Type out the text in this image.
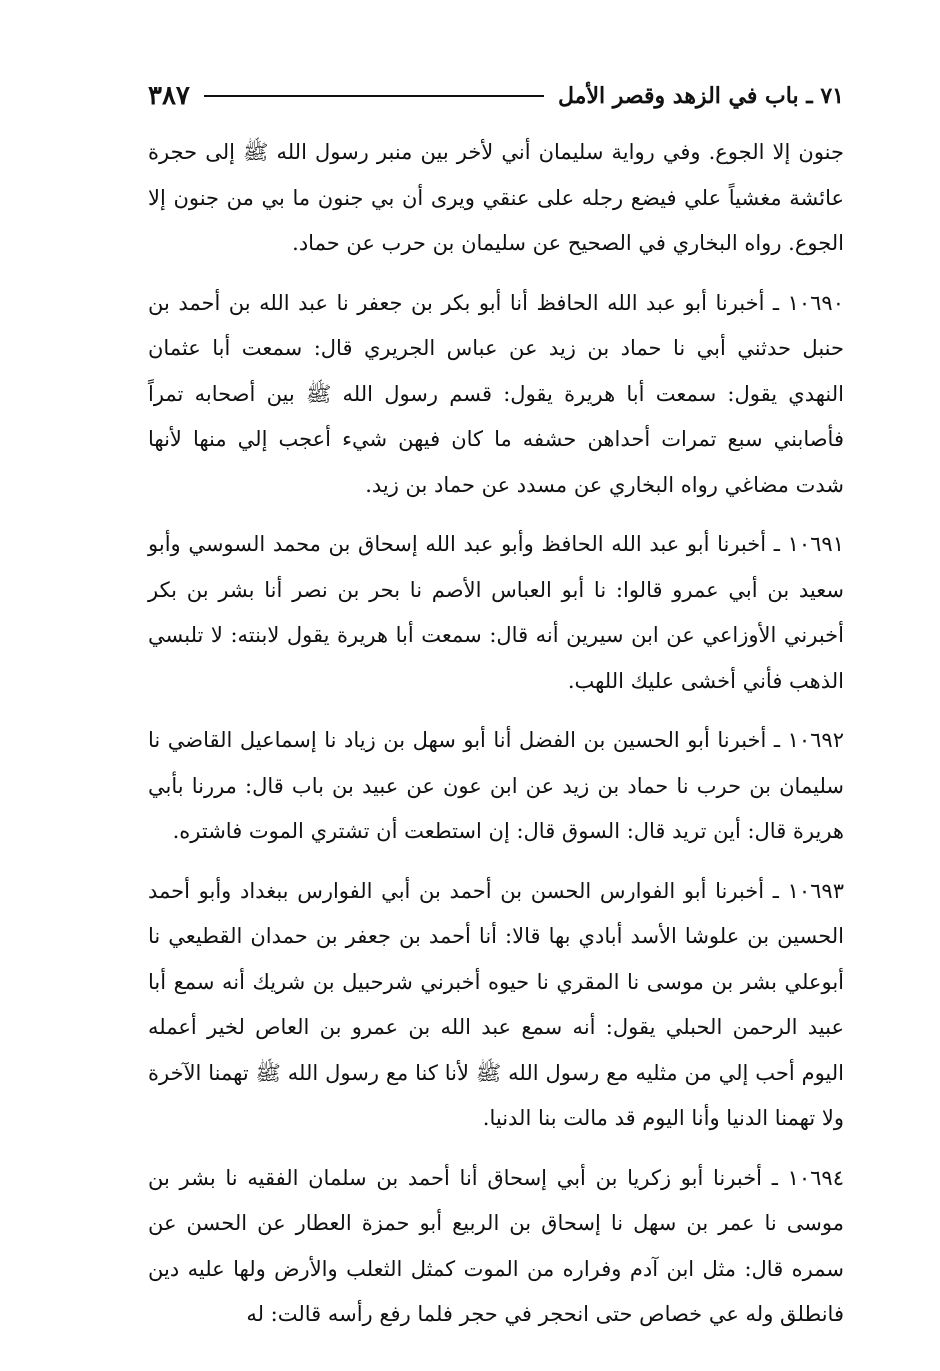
٧١ ـ باب في الزهد وقصر الأمل
٣٨٧

جنون إلا الجوع. وفي رواية سليمان أني لأخر بين منبر رسول الله ﷺ إلى حجرة عائشة مغشياً علي فيضع رجله على عنقي ويرى أن بي جنون ما بي من جنون إلا الجوع. رواه البخاري في الصحيح عن سليمان بن حرب عن حماد.

١٠٦٩٠ ـ أخبرنا أبو عبد الله الحافظ أنا أبو بكر بن جعفر نا عبد الله بن أحمد بن حنبل حدثني أبي نا حماد بن زيد عن عباس الجريري قال: سمعت أبا عثمان النهدي يقول: سمعت أبا هريرة يقول: قسم رسول الله ﷺ بين أصحابه تمراً فأصابني سبع تمرات أحداهن حشفه ما كان فيهن شيء أعجب إلي منها لأنها شدت مضاغي رواه البخاري عن مسدد عن حماد بن زيد.

١٠٦٩١ ـ أخبرنا أبو عبد الله الحافظ وأبو عبد الله إسحاق بن محمد السوسي وأبو سعيد بن أبي عمرو قالوا: نا أبو العباس الأصم نا بحر بن نصر أنا بشر بن بكر أخبرني الأوزاعي عن ابن سيرين أنه قال: سمعت أبا هريرة يقول لابنته: لا تلبسي الذهب فأني أخشى عليك اللهب.

١٠٦٩٢ ـ أخبرنا أبو الحسين بن الفضل أنا أبو سهل بن زياد نا إسماعيل القاضي نا سليمان بن حرب نا حماد بن زيد عن ابن عون عن عبيد بن باب قال: مررنا بأبي هريرة قال: أين تريد قال: السوق قال: إن استطعت أن تشتري الموت فاشتره.

١٠٦٩٣ ـ أخبرنا أبو الفوارس الحسن بن أحمد بن أبي الفوارس ببغداد وأبو أحمد الحسين بن علوشا الأسد أبادي بها قالا: أنا أحمد بن جعفر بن حمدان القطيعي نا أبوعلي بشر بن موسى نا المقري نا حيوه أخبرني شرحبيل بن شريك أنه سمع أبا عبيد الرحمن الحبلي يقول: أنه سمع عبد الله بن عمرو بن العاص لخير أعمله اليوم أحب إلي من مثليه مع رسول الله ﷺ لأنا كنا مع رسول الله ﷺ تهمنا الآخرة ولا تهمنا الدنيا وأنا اليوم قد مالت بنا الدنيا.

١٠٦٩٤ ـ أخبرنا أبو زكريا بن أبي إسحاق أنا أحمد بن سلمان الفقيه نا بشر بن موسى نا عمر بن سهل نا إسحاق بن الربيع أبو حمزة العطار عن الحسن عن سمره قال: مثل ابن آدم وفراره من الموت كمثل الثعلب والأرض ولها عليه دين فانطلق وله عي خصاص حتى انحجر في حجر فلما رفع رأسه قالت: له
